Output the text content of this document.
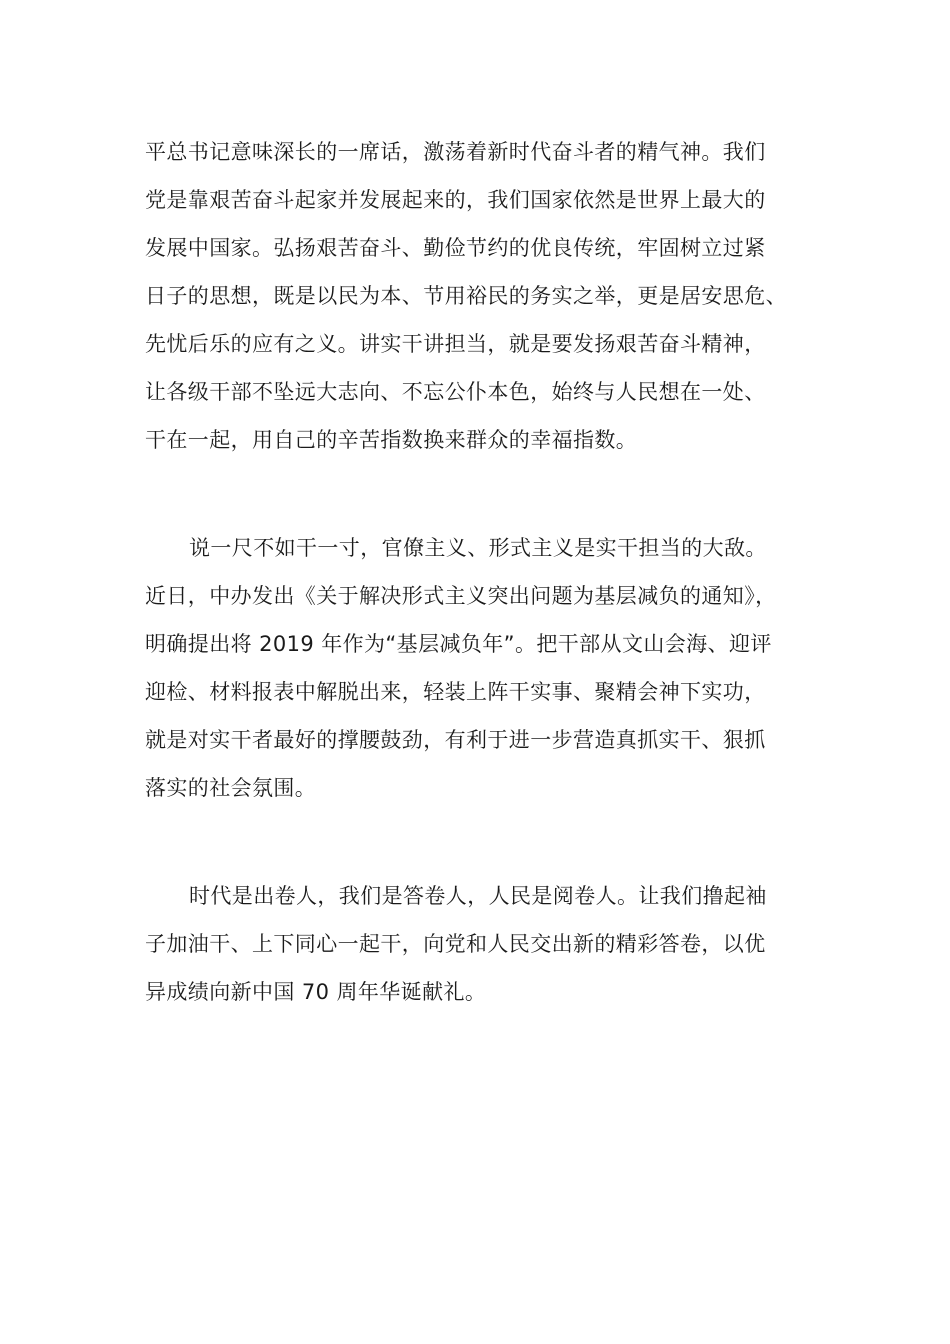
平总书记意味深长的一席话，激荡着新时代奋斗者的精气神。我们
党是靠艰苦奋斗起家并发展起来的，我们国家依然是世界上最大的
发展中国家。弘扬艰苦奋斗、勤俭节约的优良传统，牢固树立过紧
日子的思想，既是以民为本、节用裕民的务实之举，更是居安思危、
先忧后乐的应有之义。讲实干讲担当，就是要发扬艰苦奋斗精神，
让各级干部不坠远大志向、不忘公仆本色，始终与人民想在一处、
干在一起，用自己的辛苦指数换来群众的幸福指数。
说一尺不如干一寸，官僚主义、形式主义是实干担当的大敌。
近日，中办发出《关于解决形式主义突出问题为基层减负的通知》，
明确提出将 2019 年作为“基层减负年”。把干部从文山会海、迎评
迎检、材料报表中解脱出来，轻装上阵干实事、聚精会神下实功，
就是对实干者最好的撑腰鼓劲，有利于进一步营造真抓实干、狠抓
落实的社会氛围。
时代是出卷人，我们是答卷人，人民是阅卷人。让我们撸起袖
子加油干、上下同心一起干，向党和人民交出新的精彩答卷，以优
异成绩向新中国 70 周年华诞献礼。
